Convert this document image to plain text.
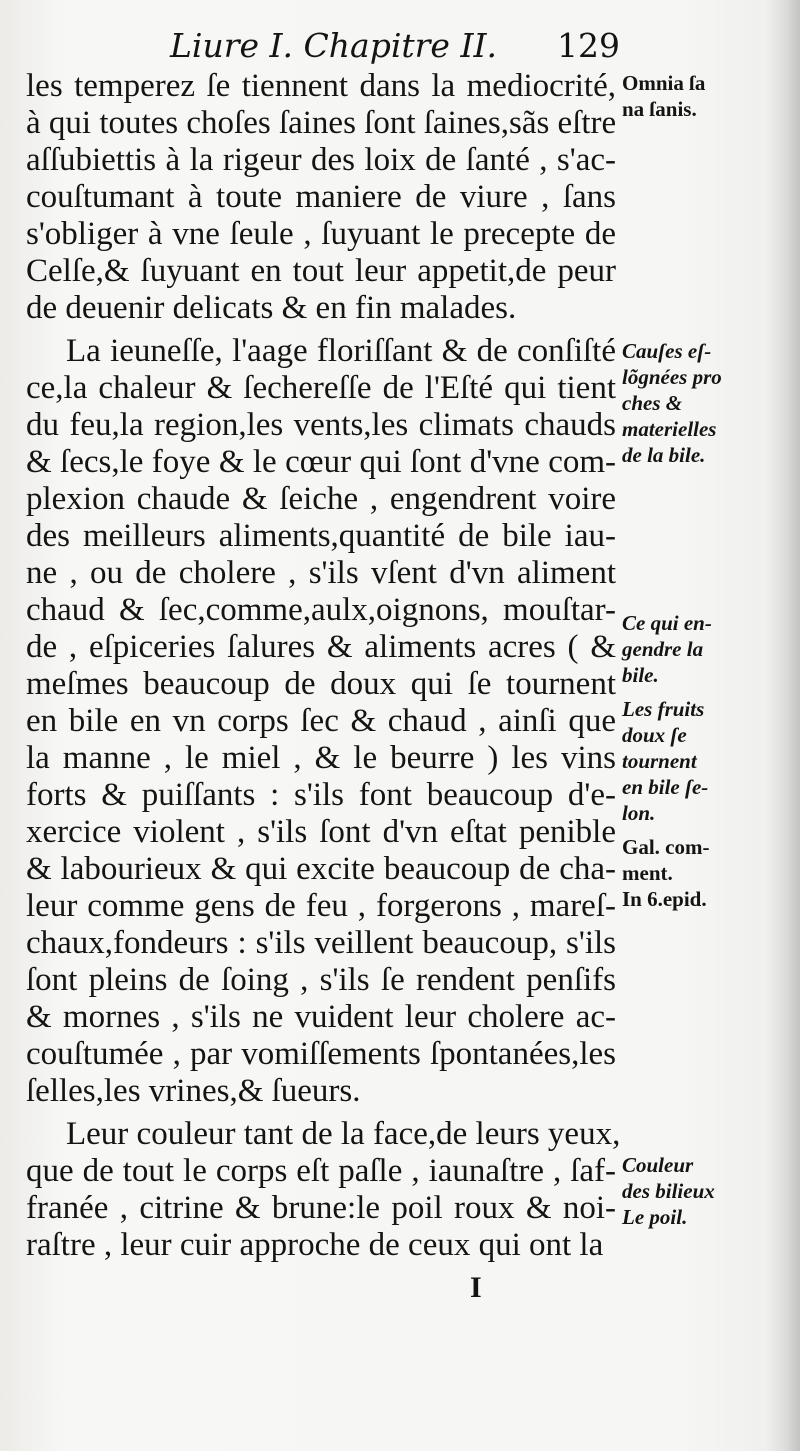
Liure I. Chapitre II. 129
les temperez ſe tiennent dans la mediocrité,
à qui toutes choſes ſaines ſont ſaines,sãs eſtre
aſſubiettis à la rigeur des loix de ſanté , s'ac-
couſtumant à toute maniere de viure , ſans
s'obliger à vne ſeule , ſuyuant le precepte de
Celſe,& ſuyuant en tout leur appetit,de peur
de deuenir delicats & en fin malades.
La ieuneſſe, l'aage floriſſant & de conſiſté
ce,la chaleur & ſechereſſe de l'Eſté qui tient
du feu,la region,les vents,les climats chauds
& ſecs,le foye & le cœur qui ſont d'vne com-
plexion chaude & ſeiche , engendrent voire
des meilleurs aliments,quantité de bile iau-
ne , ou de cholere , s'ils vſent d'vn aliment
chaud & ſec,comme,aulx,oignons, mouſtar-
de , eſpiceries ſalures & aliments acres ( &
meſmes beaucoup de doux qui ſe tournent
en bile en vn corps ſec & chaud , ainſi que
la manne , le miel , & le beurre ) les vins
forts & puiſſants : s'ils font beaucoup d'e-
xercice violent , s'ils ſont d'vn eſtat penible
& labourieux & qui excite beaucoup de cha-
leur comme gens de feu , forgerons , mareſ-
chaux,fondeurs : s'ils veillent beaucoup, s'ils
ſont pleins de ſoing , s'ils ſe rendent penſifs
& mornes , s'ils ne vuident leur cholere ac-
couſtumée , par vomiſſements ſpontanées,les
ſelles,les vrines,& ſueurs.
Leur couleur tant de la face,de leurs yeux,
que de tout le corps eſt paſle , iaunaſtre , ſaf-
franée , citrine & brune:le poil roux & noi-
raſtre , leur cuir approche de ceux qui ont la
Omnia ſa
na ſanis.
Cauſes eſ-
lõgnées pro
ches &
materielles
de la bile.
Ce qui en-
gendre la
bile.
Les fruits
doux ſe
tournent
en bile ſe-
lon.
Gal. com-
ment.
In 6.epid.
Couleur
des bilieux
Le poil.
I
